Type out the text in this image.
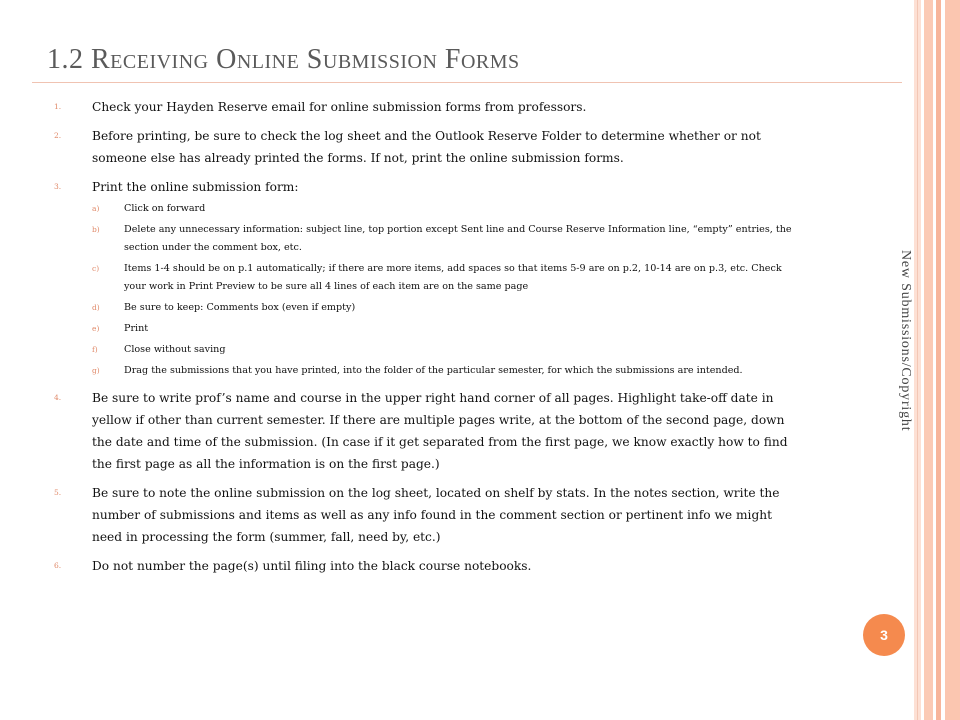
1.2 Receiving Online Submission Forms
New Submissions/Copyright
1.	Check your Hayden Reserve email for online submission forms from professors.
2.	Before printing, be sure to check the log sheet and the Outlook Reserve Folder to determine whether or not someone else has already printed the forms. If not, print the online submission forms.
3.	Print the online submission form:
a)	Click on forward
b)	Delete any unnecessary information: subject line, top portion except Sent line and Course Reserve Information line, “empty” entries, the section under the comment box, etc.
c)	Items 1-4 should be on p.1 automatically; if there are more items, add spaces so that items 5-9 are on p.2, 10-14 are on p.3, etc. Check your work in Print Preview to be sure all 4 lines of each item are on the same page
d)	Be sure to keep: Comments box (even if empty)
e)	Print
f)	Close without saving
g)	Drag the submissions that you have printed, into the folder of the particular semester, for which the submissions are intended.
4.	Be sure to write prof’s name and course in the upper right hand corner of all pages. Highlight take-off date in yellow if other than current semester. If there are multiple pages write, at the bottom of the second page, down the date and time of the submission. (In case if it get separated from the first page, we know exactly how to find the first page as all the information is on the first page.)
5.	Be sure to note the online submission on the log sheet, located on shelf by stats. In the notes section, write the number of submissions and items as well as any info found in the comment section or pertinent info we might need in processing the form (summer, fall, need by, etc.)
6.	Do not number the page(s) until filing into the black course notebooks.
3
